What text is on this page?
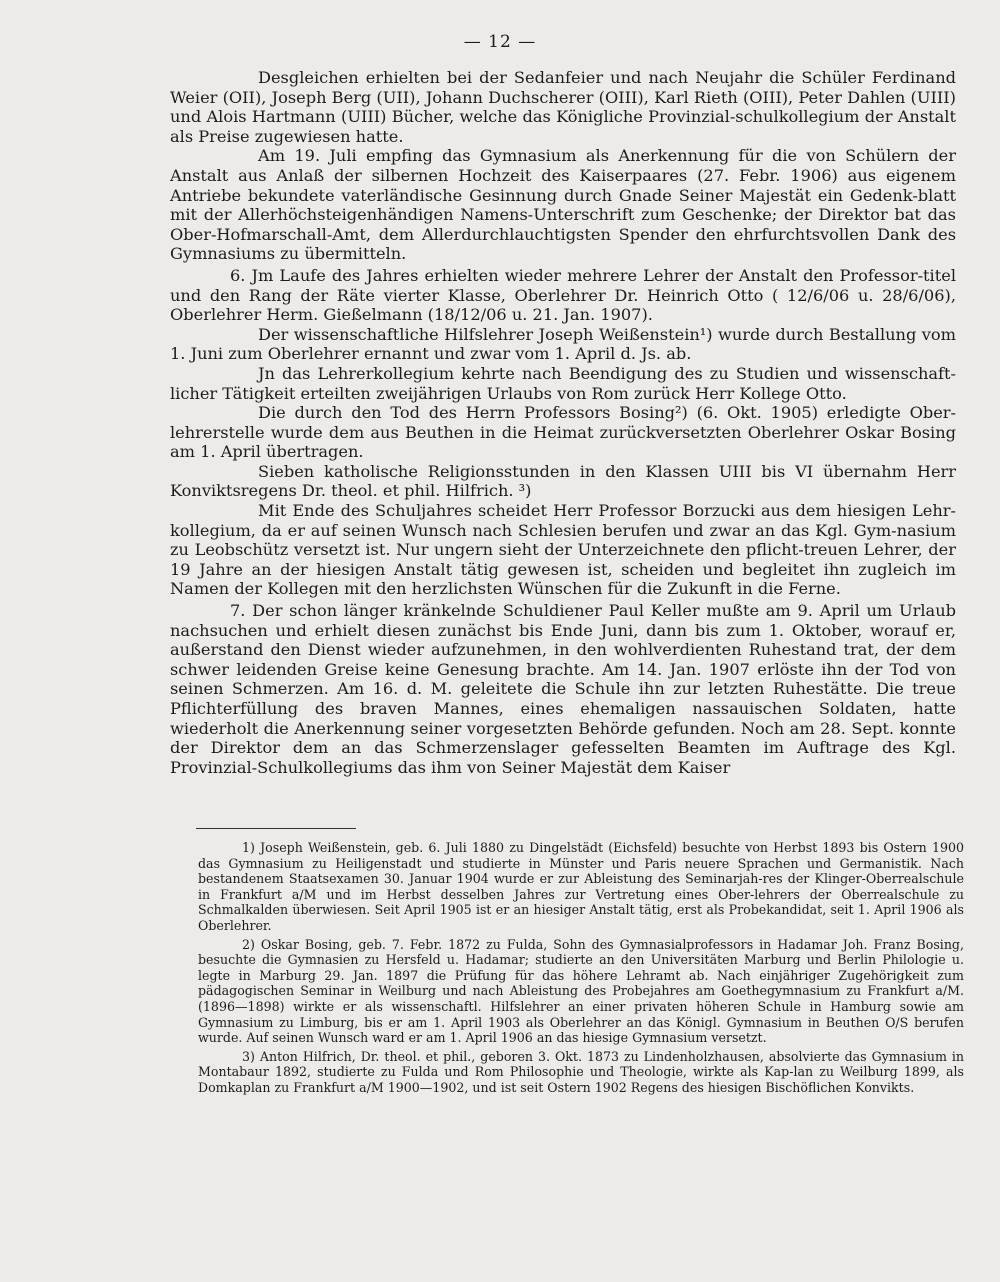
— 12 —

Desgleichen erhielten bei der Sedanfeier und nach Neujahr die Schüler Ferdinand Weier (OII), Joseph Berg (UII), Johann Duchscherer (OIII), Karl Rieth (OIII), Peter Dahlen (UIII) und Alois Hartmann (UIII) Bücher, welche das Königliche Provinzial-schulkollegium der Anstalt als Preise zugewiesen hatte.

Am 19. Juli empfing das Gymnasium als Anerkennung für die von Schülern der Anstalt aus Anlaß der silbernen Hochzeit des Kaiserpaares (27. Febr. 1906) aus eigenem Antriebe bekundete vaterländische Gesinnung durch Gnade Seiner Majestät ein Gedenk-blatt mit der Allerhöchsteigenhändigen Namens-Unterschrift zum Geschenke; der Direktor bat das Ober-Hofmarschall-Amt, dem Allerdurchlauchtigsten Spender den ehrfurchtsvollen Dank des Gymnasiums zu übermitteln.

6. Jm Laufe des Jahres erhielten wieder mehrere Lehrer der Anstalt den Professor-titel und den Rang der Räte vierter Klasse, Oberlehrer Dr. Heinrich Otto ( 12/6/06 u. 28/6/06), Oberlehrer Herm. Gießelmann (18/12/06 u. 21. Jan. 1907).

Der wissenschaftliche Hilfslehrer Joseph Weißenstein¹) wurde durch Bestallung vom 1. Juni zum Oberlehrer ernannt und zwar vom 1. April d. Js. ab.

Jn das Lehrerkollegium kehrte nach Beendigung des zu Studien und wissenschaft-licher Tätigkeit erteilten zweijährigen Urlaubs von Rom zurück Herr Kollege Otto.

Die durch den Tod des Herrn Professors Bosing²) (6. Okt. 1905) erledigte Ober-lehrerstelle wurde dem aus Beuthen in die Heimat zurückversetzten Oberlehrer Oskar Bosing am 1. April übertragen.

Sieben katholische Religionsstunden in den Klassen UIII bis VI übernahm Herr Konviktsregens Dr. theol. et phil. Hilfrich. ³)

Mit Ende des Schuljahres scheidet Herr Professor Borzucki aus dem hiesigen Lehr-kollegium, da er auf seinen Wunsch nach Schlesien berufen und zwar an das Kgl. Gym-nasium zu Leobschütz versetzt ist. Nur ungern sieht der Unterzeichnete den pflicht-treuen Lehrer, der 19 Jahre an der hiesigen Anstalt tätig gewesen ist, scheiden und begleitet ihn zugleich im Namen der Kollegen mit den herzlichsten Wünschen für die Zukunft in die Ferne.

7. Der schon länger kränkelnde Schuldiener Paul Keller mußte am 9. April um Urlaub nachsuchen und erhielt diesen zunächst bis Ende Juni, dann bis zum 1. Oktober, worauf er, außerstand den Dienst wieder aufzunehmen, in den wohlverdienten Ruhestand trat, der dem schwer leidenden Greise keine Genesung brachte. Am 14. Jan. 1907 erlöste ihn der Tod von seinen Schmerzen. Am 16. d. M. geleitete die Schule ihn zur letzten Ruhestätte. Die treue Pflichterfüllung des braven Mannes, eines ehemaligen nassauischen Soldaten, hatte wiederholt die Anerkennung seiner vorgesetzten Behörde gefunden. Noch am 28. Sept. konnte der Direktor dem an das Schmerzenslager gefesselten Beamten im Auftrage des Kgl. Provinzial-Schulkollegiums das ihm von Seiner Majestät dem Kaiser

1) Joseph Weißenstein, geb. 6. Juli 1880 zu Dingelstädt (Eichsfeld) besuchte von Herbst 1893 bis Ostern 1900 das Gymnasium zu Heiligenstadt und studierte in Münster und Paris neuere Sprachen und Germanistik. Nach bestandenem Staatsexamen 30. Januar 1904 wurde er zur Ableistung des Seminarjah-res der Klinger-Oberrealschule in Frankfurt a/M und im Herbst desselben Jahres zur Vertretung eines Ober-lehrers der Oberrealschule zu Schmalkalden überwiesen. Seit April 1905 ist er an hiesiger Anstalt tätig, erst als Probekandidat, seit 1. April 1906 als Oberlehrer.

2) Oskar Bosing, geb. 7. Febr. 1872 zu Fulda, Sohn des Gymnasialprofessors in Hadamar Joh. Franz Bosing, besuchte die Gymnasien zu Hersfeld u. Hadamar; studierte an den Universitäten Marburg und Berlin Philologie u. legte in Marburg 29. Jan. 1897 die Prüfung für das höhere Lehramt ab. Nach einjähriger Zugehörigkeit zum pädagogischen Seminar in Weilburg und nach Ableistung des Probejahres am Goethegymnasium zu Frankfurt a/M. (1896—1898) wirkte er als wissenschaftl. Hilfslehrer an einer privaten höheren Schule in Hamburg sowie am Gymnasium zu Limburg, bis er am 1. April 1903 als Oberlehrer an das Königl. Gymnasium in Beuthen O/S berufen wurde. Auf seinen Wunsch ward er am 1. April 1906 an das hiesige Gymnasium versetzt.

3) Anton Hilfrich, Dr. theol. et phil., geboren 3. Okt. 1873 zu Lindenholzhausen, absolvierte das Gymnasium in Montabaur 1892, studierte zu Fulda und Rom Philosophie und Theologie, wirkte als Kap-lan zu Weilburg 1899, als Domkaplan zu Frankfurt a/M 1900—1902, und ist seit Ostern 1902 Regens des hiesigen Bischöflichen Konvikts.
